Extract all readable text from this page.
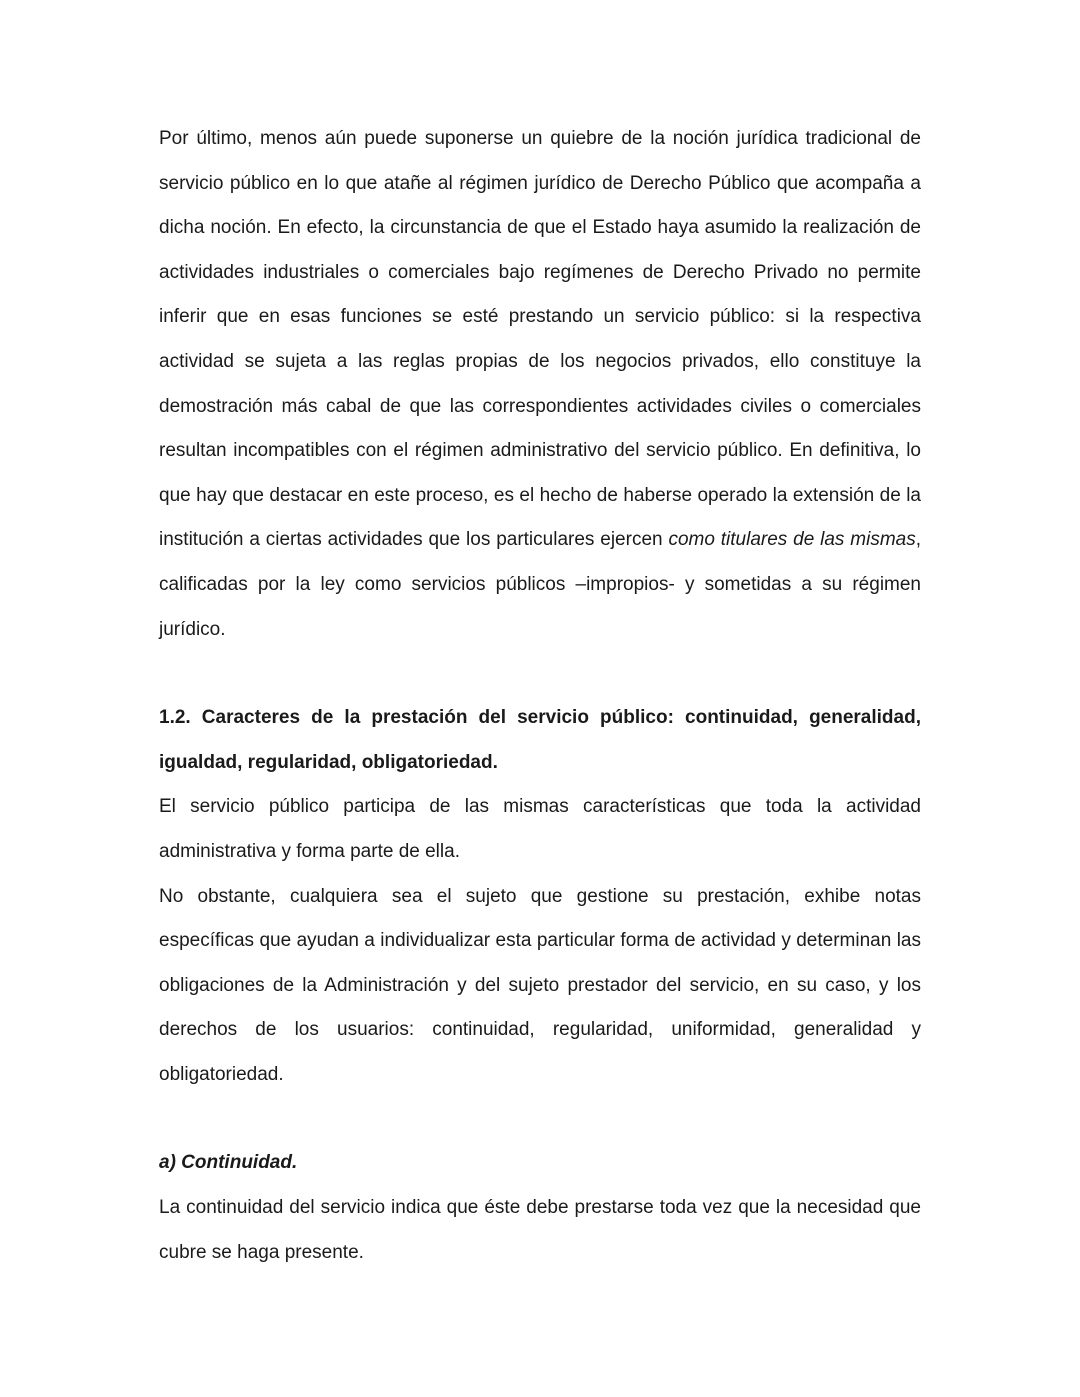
Por último, menos aún puede suponerse un quiebre de la noción jurídica tradicional de servicio público en lo que atañe al régimen jurídico de Derecho Público que acompaña a dicha noción. En efecto, la circunstancia de que el Estado haya asumido la realización de actividades industriales o comerciales bajo regímenes de Derecho Privado no permite inferir que en esas funciones se esté prestando un servicio público: si la respectiva actividad se sujeta a las reglas propias de los negocios privados, ello constituye la demostración más cabal de que las correspondientes actividades civiles o comerciales resultan incompatibles con el régimen administrativo del servicio público. En definitiva, lo que hay que destacar en este proceso, es el hecho de haberse operado la extensión de la institución a ciertas actividades que los particulares ejercen como titulares de las mismas, calificadas por la ley como servicios públicos –impropios- y sometidas a su régimen jurídico.

1.2. Caracteres de la prestación del servicio público: continuidad, generalidad, igualdad, regularidad, obligatoriedad.

El servicio público participa de las mismas características que toda la actividad administrativa y forma parte de ella.

No obstante, cualquiera sea el sujeto que gestione su prestación, exhibe notas específicas que ayudan a individualizar esta particular forma de actividad y determinan las obligaciones de la Administración y del sujeto prestador del servicio, en su caso, y los derechos de los usuarios: continuidad, regularidad, uniformidad, generalidad y obligatoriedad.

a) Continuidad.

La continuidad del servicio indica que éste debe prestarse toda vez que la necesidad que cubre se haga presente.
